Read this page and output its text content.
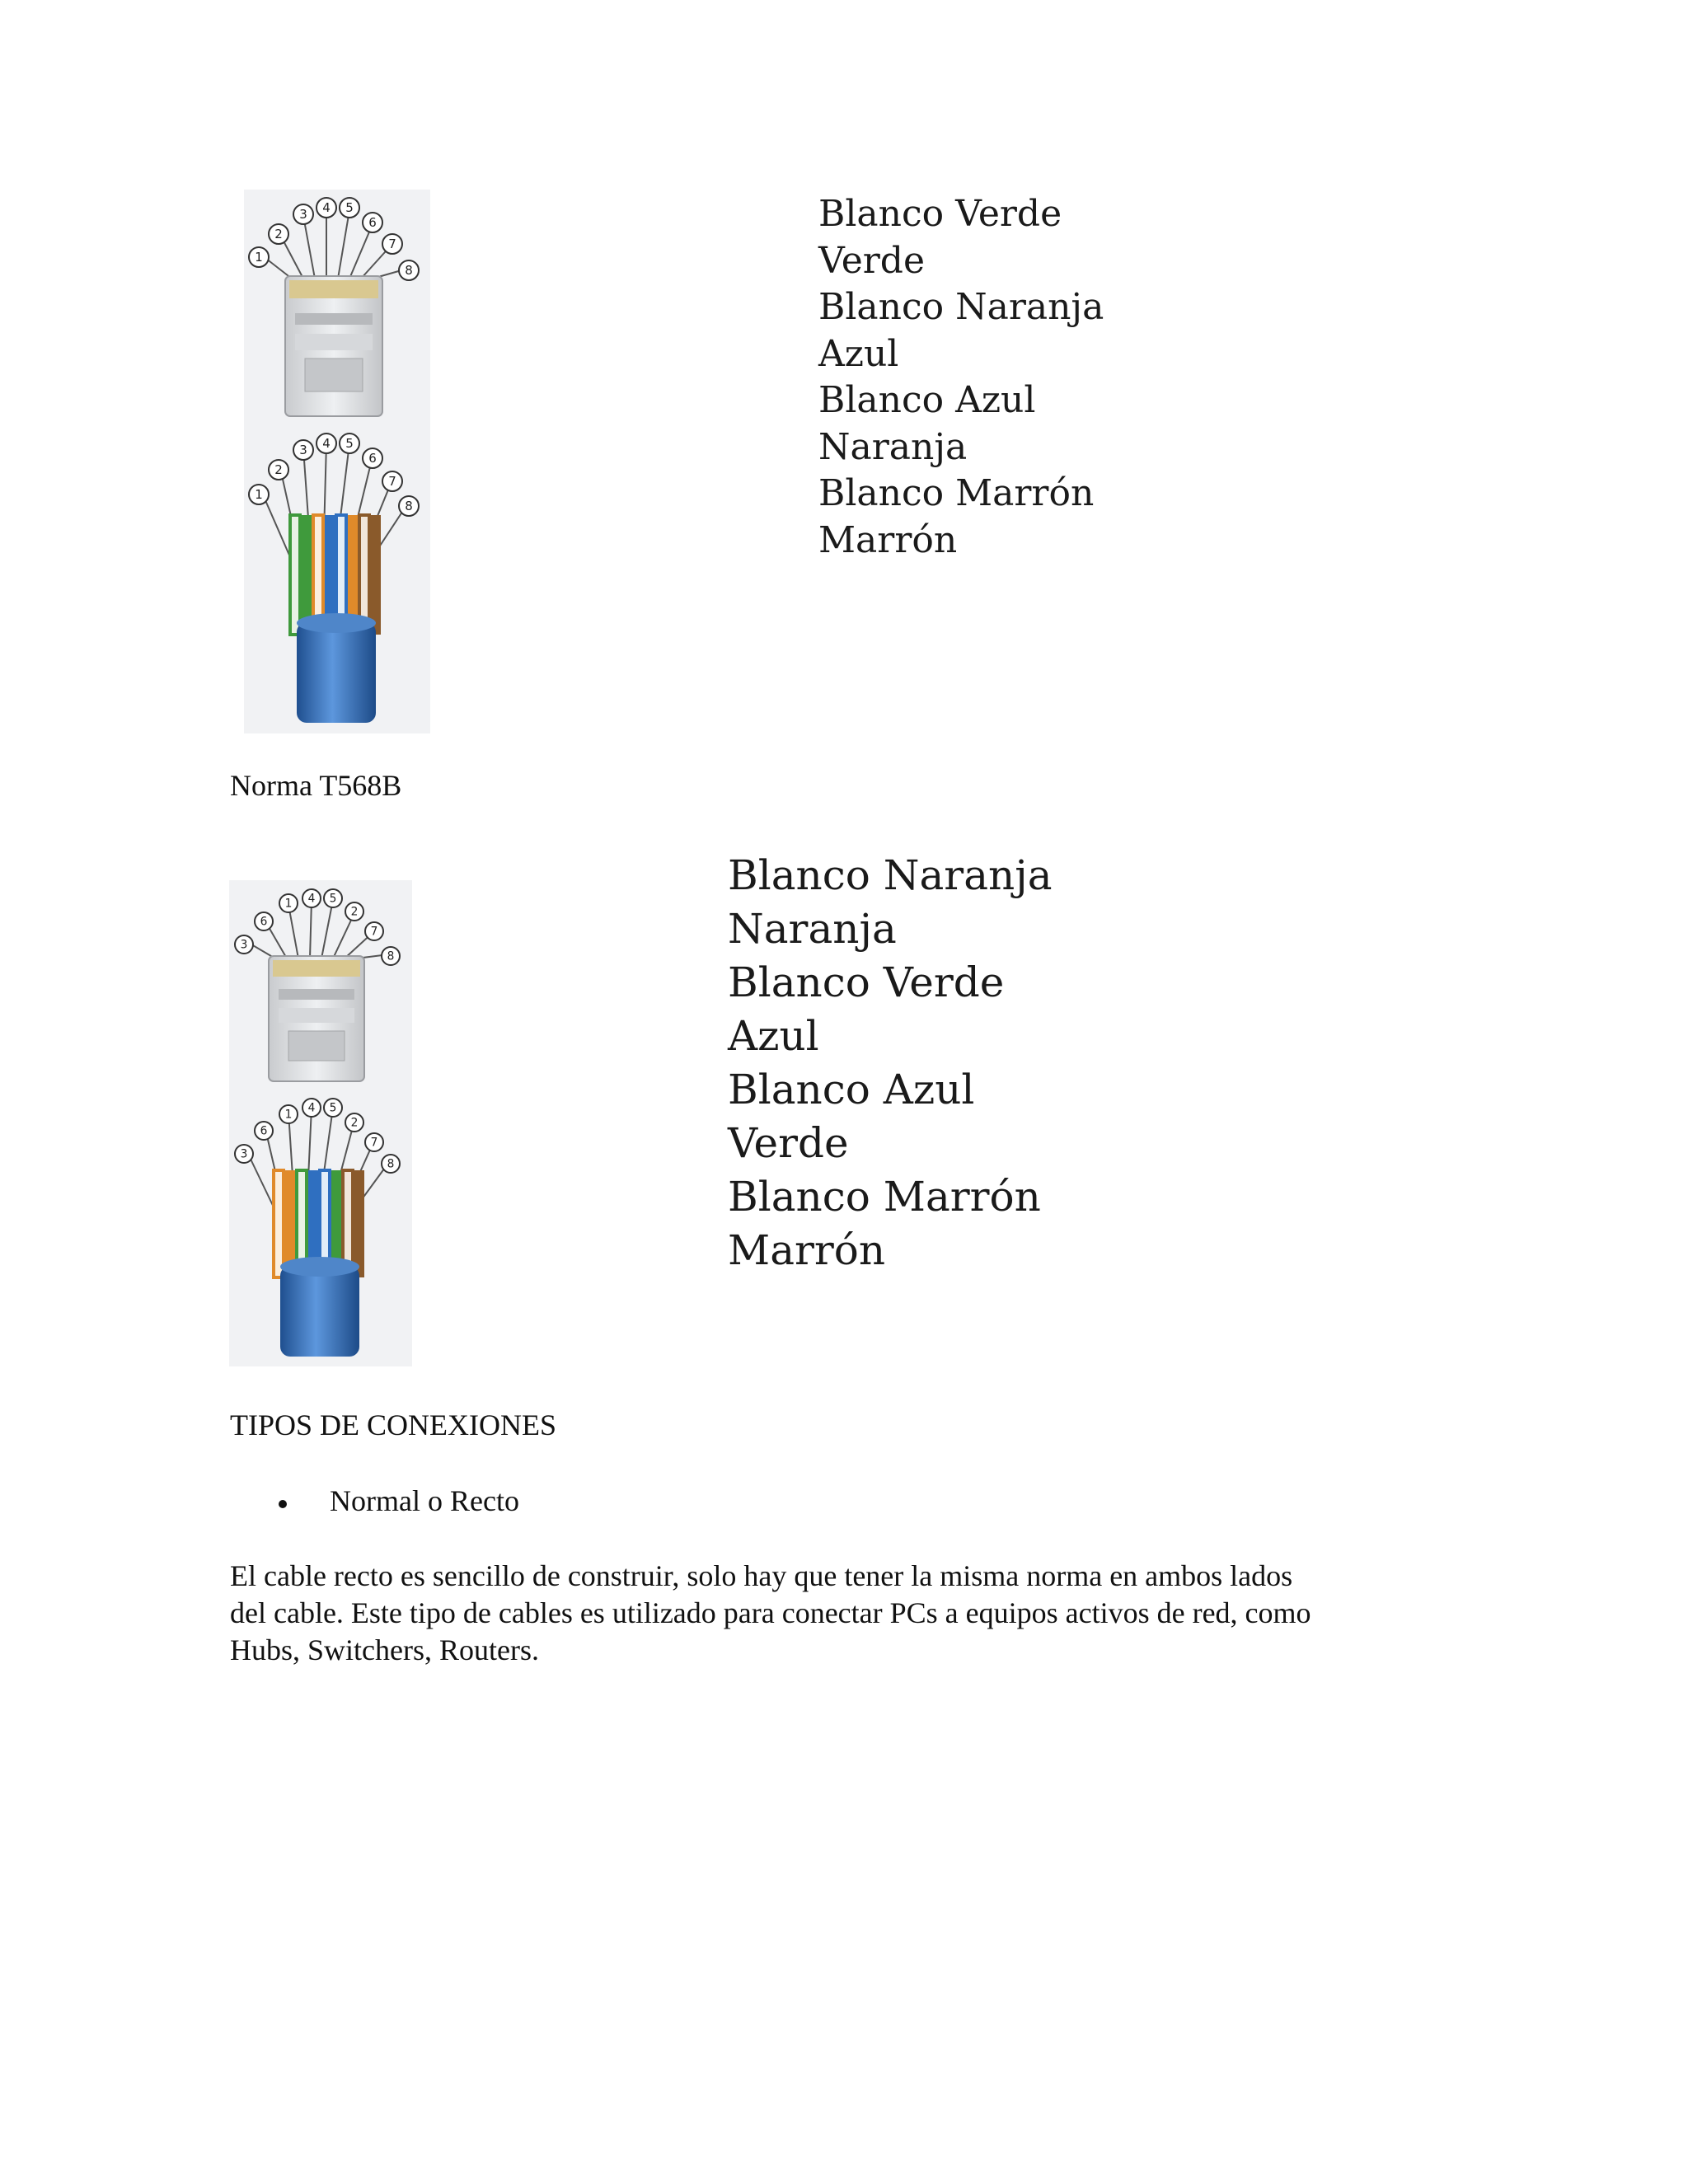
1
2
3 4 5
6
7
8
1
2
3 4 5
6
7
8
Blanco Verde
Verde
Blanco Naranja
Azul
Blanco Azul
Naranja
Blanco Marrón
Marrón
Norma T568B
3
6
1 4 5
2
7
8
3
6
1 4 5
2
7
8
Blanco Naranja
Naranja
Blanco Verde
Azul
Blanco Azul
Verde
Blanco Marrón
Marrón
TIPOS DE CONEXIONES
Normal o Recto
El cable recto es sencillo de construir, solo hay que tener la misma norma en ambos lados
del cable. Este tipo de cables es utilizado para conectar PCs a equipos activos de red, como
Hubs, Switchers, Routers.
